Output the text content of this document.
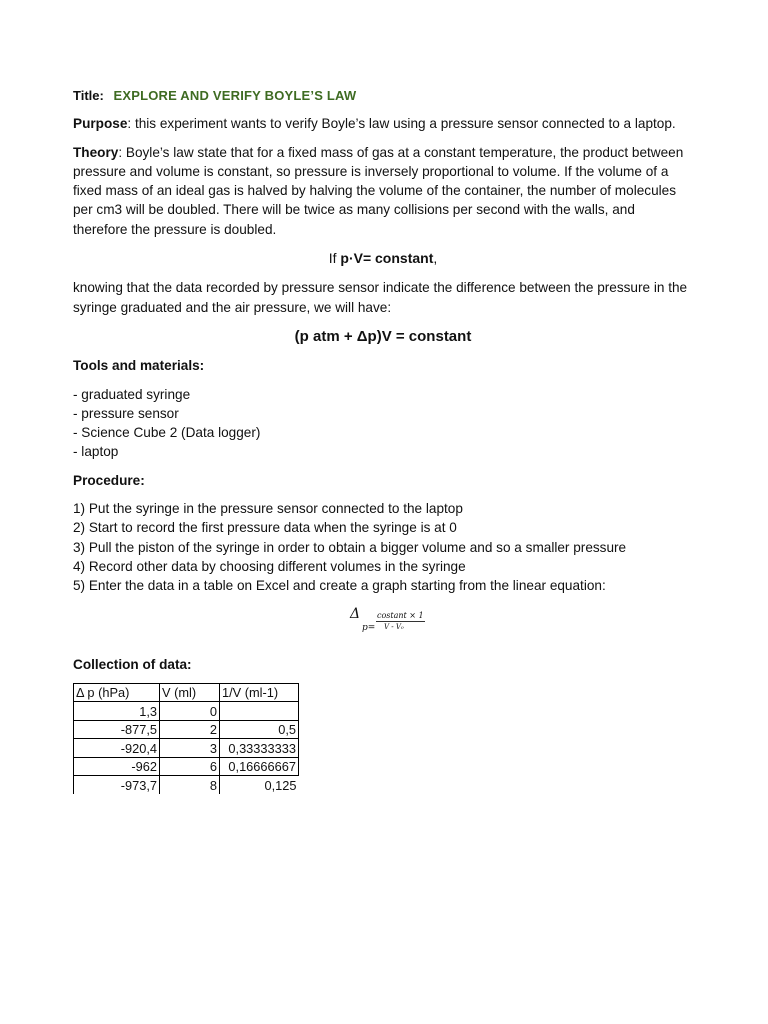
Title: EXPLORE AND VERIFY BOYLE’S LAW

Purpose: this experiment wants to verify Boyle’s law using a pressure sensor connected to a laptop.

Theory: Boyle’s law state that for a fixed mass of gas at a constant temperature, the product between pressure and volume is constant, so pressure is inversely proportional to volume. If the volume of a fixed mass of an ideal gas is halved by halving the volume of the container, the number of molecules per cm3 will be doubled. There will be twice as many collisions per second with the walls, and therefore the pressure is doubled.

If p·V= constant,

knowing that the data recorded by pressure sensor indicate the difference between the pressure in the syringe graduated and the air pressure, we will have:

(p atm + Δp)V = constant

Tools and materials:

- graduated syringe
- pressure sensor
- Science Cube 2 (Data logger)
- laptop

Procedure:

1) Put the syringe in the pressure sensor connected to the laptop
2) Start to record the first pressure data when the syringe is at 0
3) Pull the piston of the syringe in order to obtain a bigger volume and so a smaller pressure
4) Record other data by choosing different volumes in the syringe
5) Enter the data in a table on Excel and create a graph starting from the linear equation:
Δ
p=
costant × 1
V - V₀

Collection of data:

Δ p (hPa)	V (ml)	1/V (ml-1)
1,3	0	
-877,5	2	0,5
-920,4	3	0,33333333
-962	6	0,16666667
-973,7	8	0,125
